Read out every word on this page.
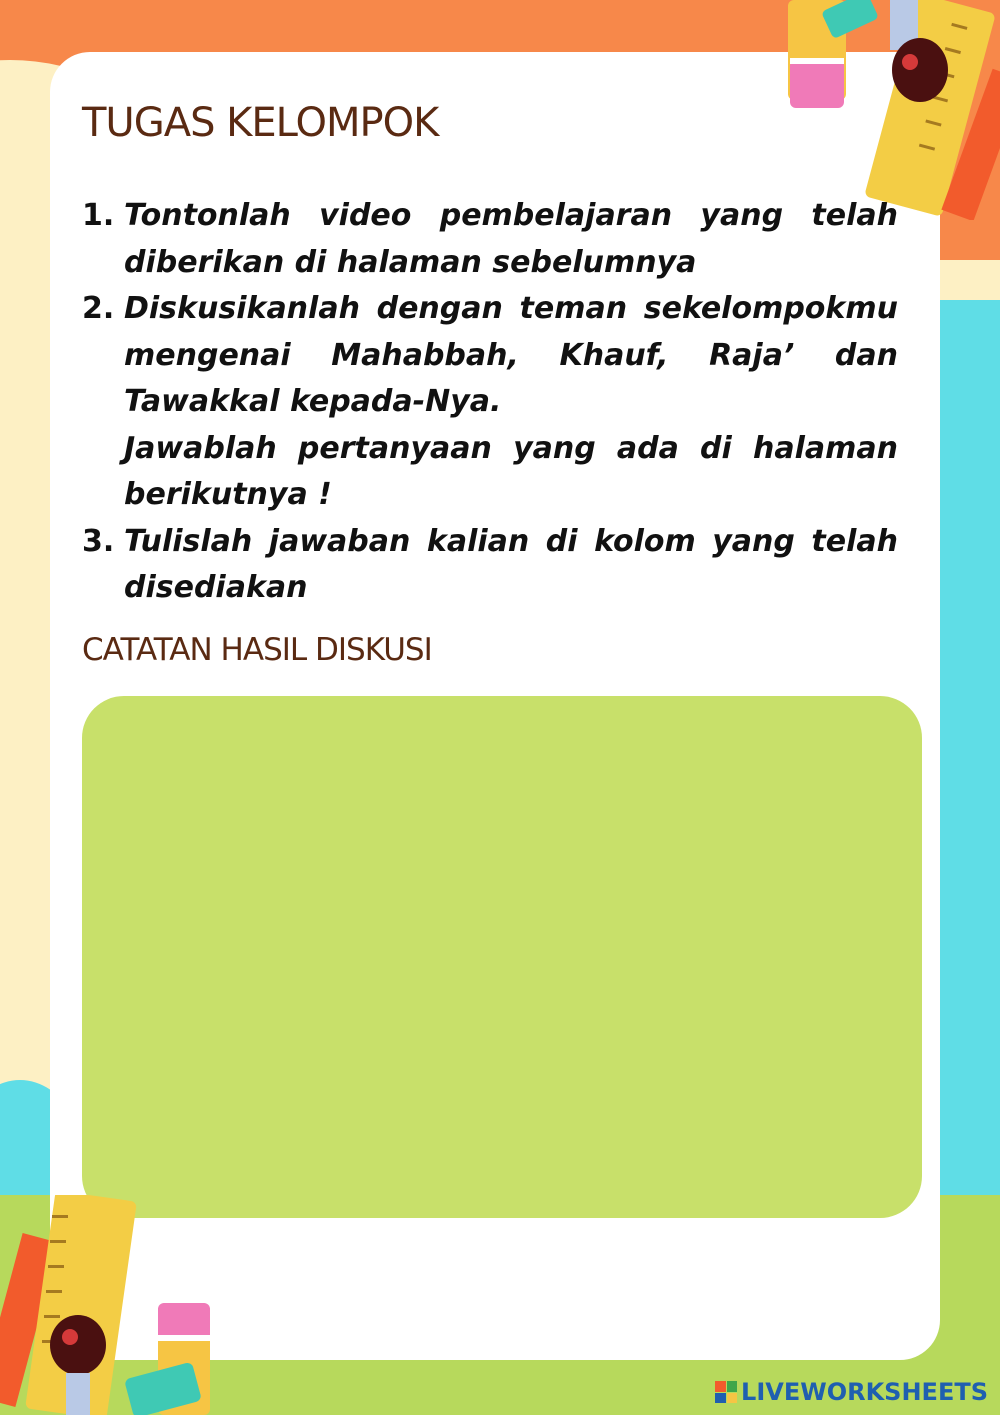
TUGAS KELOMPOK
1. Tontonlah video pembelajaran yang telah diberikan di halaman sebelumnya
2. Diskusikanlah dengan teman sekelompokmu mengenai Mahabbah, Khauf, Raja’ dan Tawakkal kepada-Nya.
Jawablah pertanyaan yang ada di halaman berikutnya !
3. Tulislah jawaban kalian di kolom yang telah disediakan
CATATAN HASIL DISKUSI
LIVEWORKSHEETS
